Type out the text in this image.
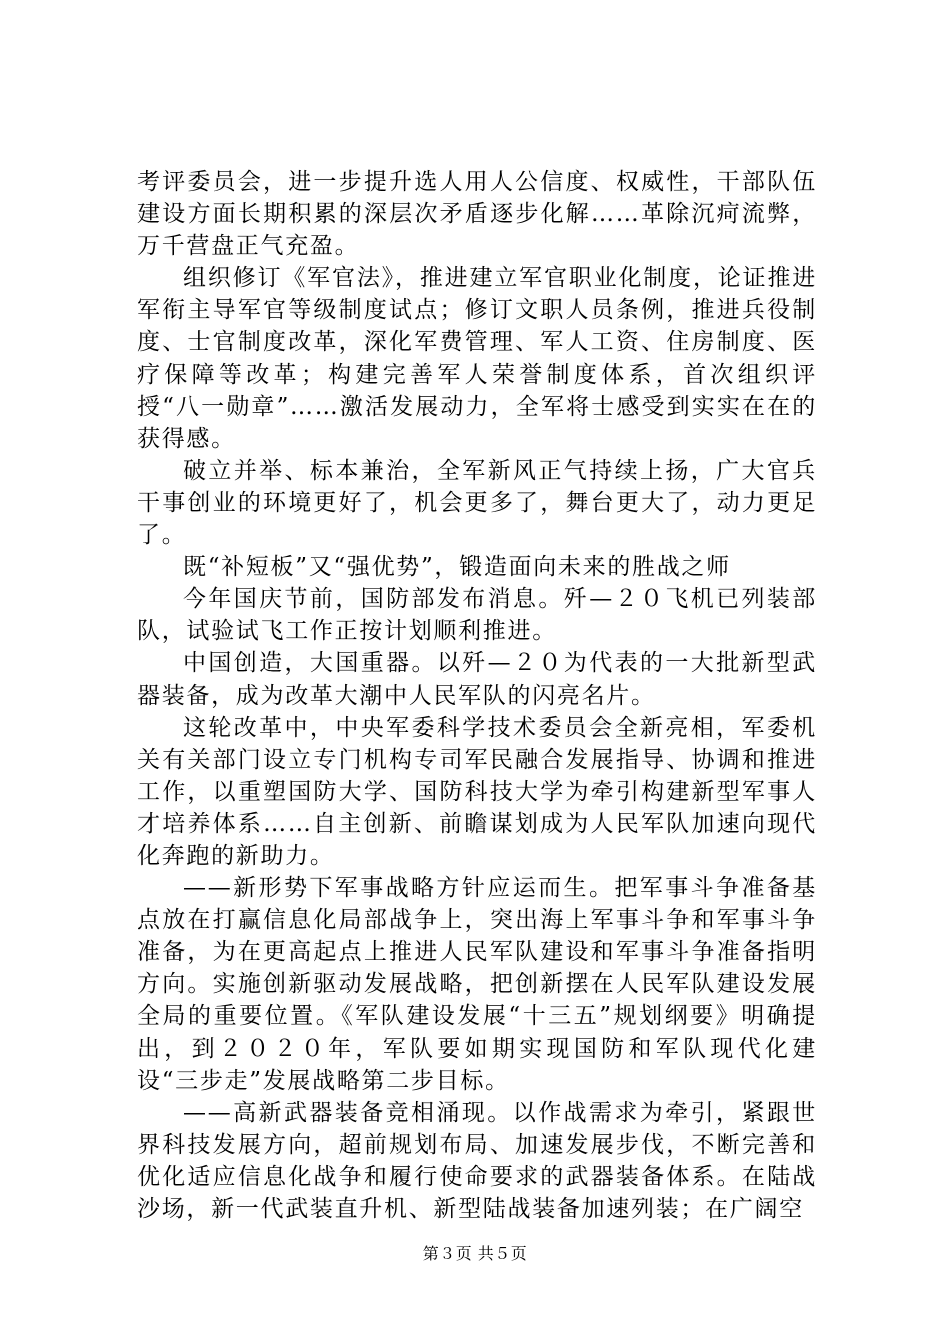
考评委员会，进一步提升选人用人公信度、权威性，干部队伍建设方面长期积累的深层次矛盾逐步化解……革除沉疴流弊，万千营盘正气充盈。

组织修订《军官法》，推进建立军官职业化制度，论证推进军衔主导军官等级制度试点；修订文职人员条例，推进兵役制度、士官制度改革，深化军费管理、军人工资、住房制度、医疗保障等改革；构建完善军人荣誉制度体系，首次组织评授“八一勋章”……激活发展动力，全军将士感受到实实在在的获得感。

破立并举、标本兼治，全军新风正气持续上扬，广大官兵干事创业的环境更好了，机会更多了，舞台更大了，动力更足了。

既“补短板”又“强优势”，锻造面向未来的胜战之师

今年国庆节前，国防部发布消息。歼—２０飞机已列装部队，试验试飞工作正按计划顺利推进。

中国创造，大国重器。以歼—２０为代表的一大批新型武器装备，成为改革大潮中人民军队的闪亮名片。

这轮改革中，中央军委科学技术委员会全新亮相，军委机关有关部门设立专门机构专司军民融合发展指导、协调和推进工作，以重塑国防大学、国防科技大学为牵引构建新型军事人才培养体系……自主创新、前瞻谋划成为人民军队加速向现代化奔跑的新助力。

——新形势下军事战略方针应运而生。把军事斗争准备基点放在打赢信息化局部战争上，突出海上军事斗争和军事斗争准备，为在更高起点上推进人民军队建设和军事斗争准备指明方向。实施创新驱动发展战略，把创新摆在人民军队建设发展全局的重要位置。《军队建设发展“十三五”规划纲要》明确提出，到２０２０年，军队要如期实现国防和军队现代化建设“三步走”发展战略第二步目标。

——高新武器装备竞相涌现。以作战需求为牵引，紧跟世界科技发展方向，超前规划布局、加速发展步伐，不断完善和优化适应信息化战争和履行使命要求的武器装备体系。在陆战沙场，新一代武装直升机、新型陆战装备加速列装；在广阔空

第３页 共５页
